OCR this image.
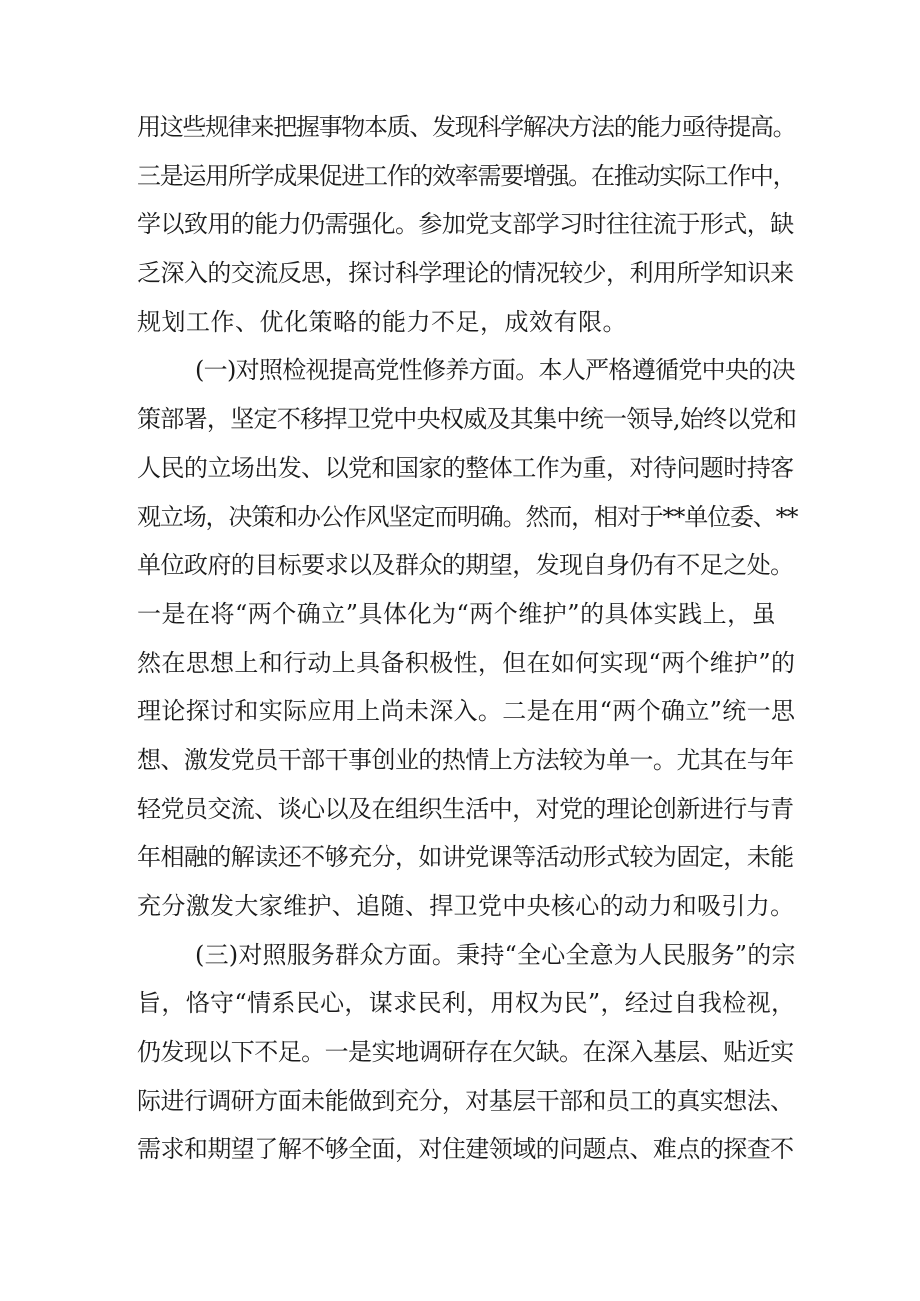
用这些规律来把握事物本质、发现科学解决方法的能力亟待提高。
三是运用所学成果促进工作的效率需要增强。在推动实际工作中，
学以致用的能力仍需强化。参加党支部学习时往往流于形式，缺
乏深入的交流反思，探讨科学理论的情况较少，利用所学知识来
规划工作、优化策略的能力不足，成效有限。
(一)对照检视提高党性修养方面。本人严格遵循党中央的决
策部署，坚定不移捍卫党中央权威及其集中统一领导,始终以党和
人民的立场出发、以党和国家的整体工作为重，对待问题时持客
观立场，决策和办公作风坚定而明确。然而，相对于**单位委、**
单位政府的目标要求以及群众的期望，发现自身仍有不足之处。
一是在将“两个确立”具体化为“两个维护”的具体实践上，虽
然在思想上和行动上具备积极性，但在如何实现“两个维护”的
理论探讨和实际应用上尚未深入。二是在用“两个确立”统一思
想、激发党员干部干事创业的热情上方法较为单一。尤其在与年
轻党员交流、谈心以及在组织生活中，对党的理论创新进行与青
年相融的解读还不够充分，如讲党课等活动形式较为固定，未能
充分激发大家维护、追随、捍卫党中央核心的动力和吸引力。
(三)对照服务群众方面。秉持“全心全意为人民服务”的宗
旨，恪守“情系民心，谋求民利，用权为民”，经过自我检视，
仍发现以下不足。一是实地调研存在欠缺。在深入基层、贴近实
际进行调研方面未能做到充分，对基层干部和员工的真实想法、
需求和期望了解不够全面，对住建领域的问题点、难点的探查不
